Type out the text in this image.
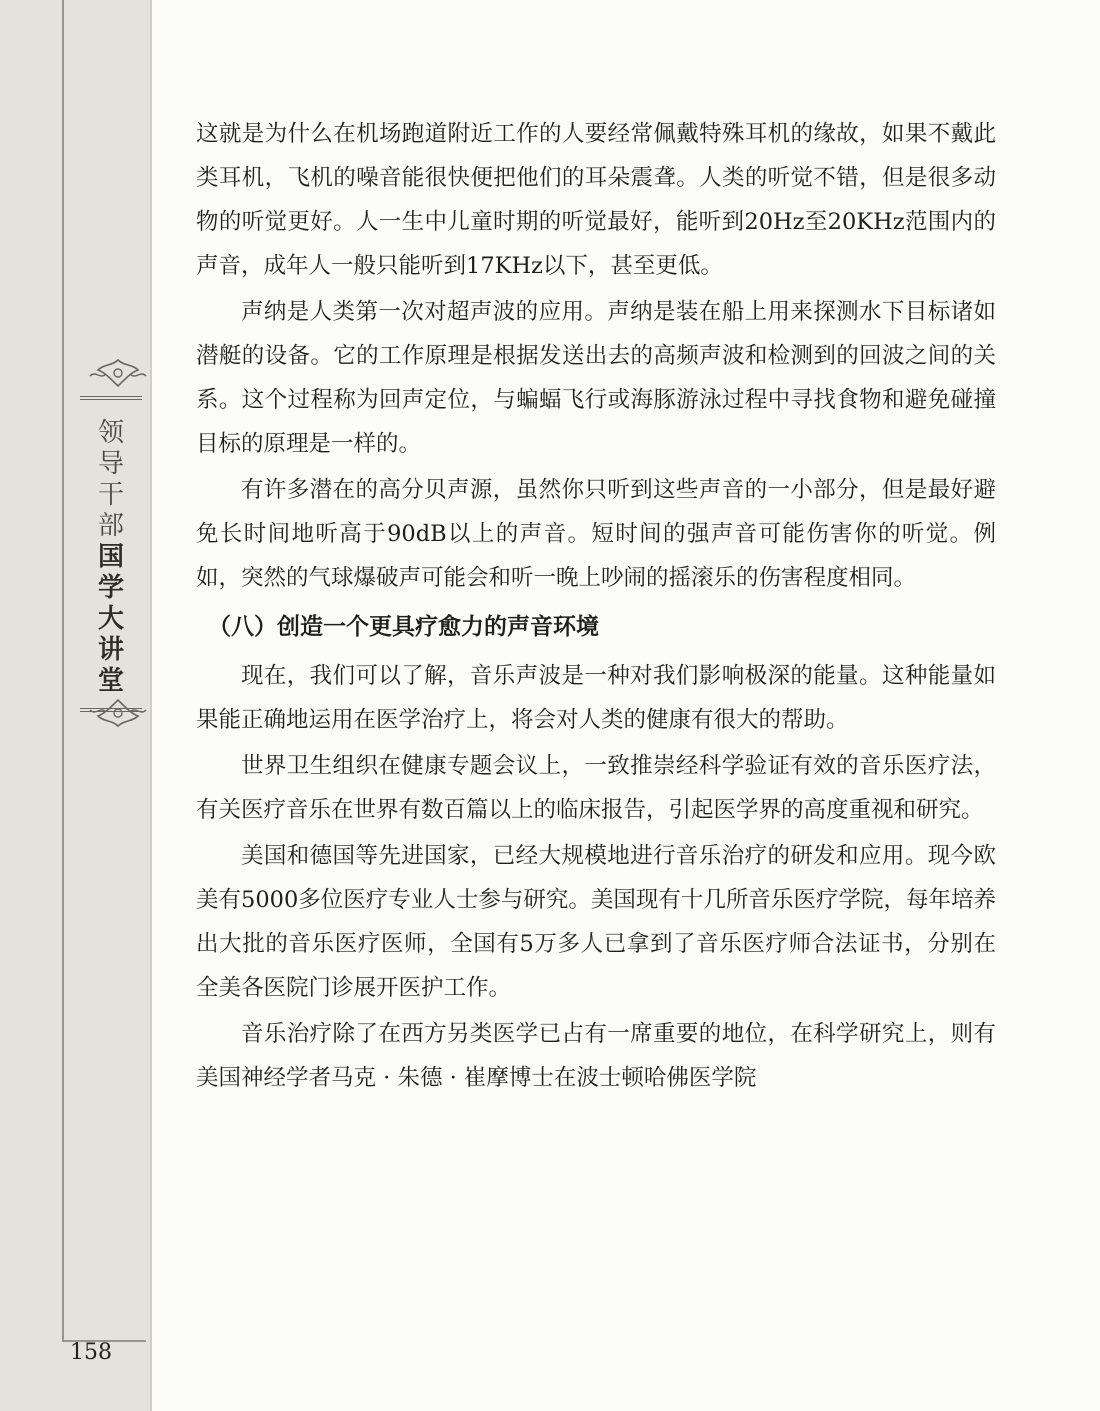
领
导
干
部
国
学
大
讲
堂
158

这就是为什么在机场跑道附近工作的人要经常佩戴特殊耳机的缘故，如果不戴此类耳机，飞机的噪音能很快便把他们的耳朵震聋。人类的听觉不错，但是很多动物的听觉更好。人一生中儿童时期的听觉最好，能听到20Hz至20KHz范围内的声音，成年人一般只能听到17KHz以下，甚至更低。

声纳是人类第一次对超声波的应用。声纳是装在船上用来探测水下目标诸如潜艇的设备。它的工作原理是根据发送出去的高频声波和检测到的回波之间的关系。这个过程称为回声定位，与蝙蝠飞行或海豚游泳过程中寻找食物和避免碰撞目标的原理是一样的。

有许多潜在的高分贝声源，虽然你只听到这些声音的一小部分，但是最好避免长时间地听高于90dB以上的声音。短时间的强声音可能伤害你的听觉。例如，突然的气球爆破声可能会和听一晚上吵闹的摇滚乐的伤害程度相同。

（八）创造一个更具疗愈力的声音环境

现在，我们可以了解，音乐声波是一种对我们影响极深的能量。这种能量如果能正确地运用在医学治疗上，将会对人类的健康有很大的帮助。

世界卫生组织在健康专题会议上，一致推崇经科学验证有效的音乐医疗法，有关医疗音乐在世界有数百篇以上的临床报告，引起医学界的高度重视和研究。

美国和德国等先进国家，已经大规模地进行音乐治疗的研发和应用。现今欧美有5000多位医疗专业人士参与研究。美国现有十几所音乐医疗学院，每年培养出大批的音乐医疗医师，全国有5万多人已拿到了音乐医疗师合法证书，分别在全美各医院门诊展开医护工作。

音乐治疗除了在西方另类医学已占有一席重要的地位，在科学研究上，则有美国神经学者马克 · 朱德 · 崔摩博士在波士顿哈佛医学院
